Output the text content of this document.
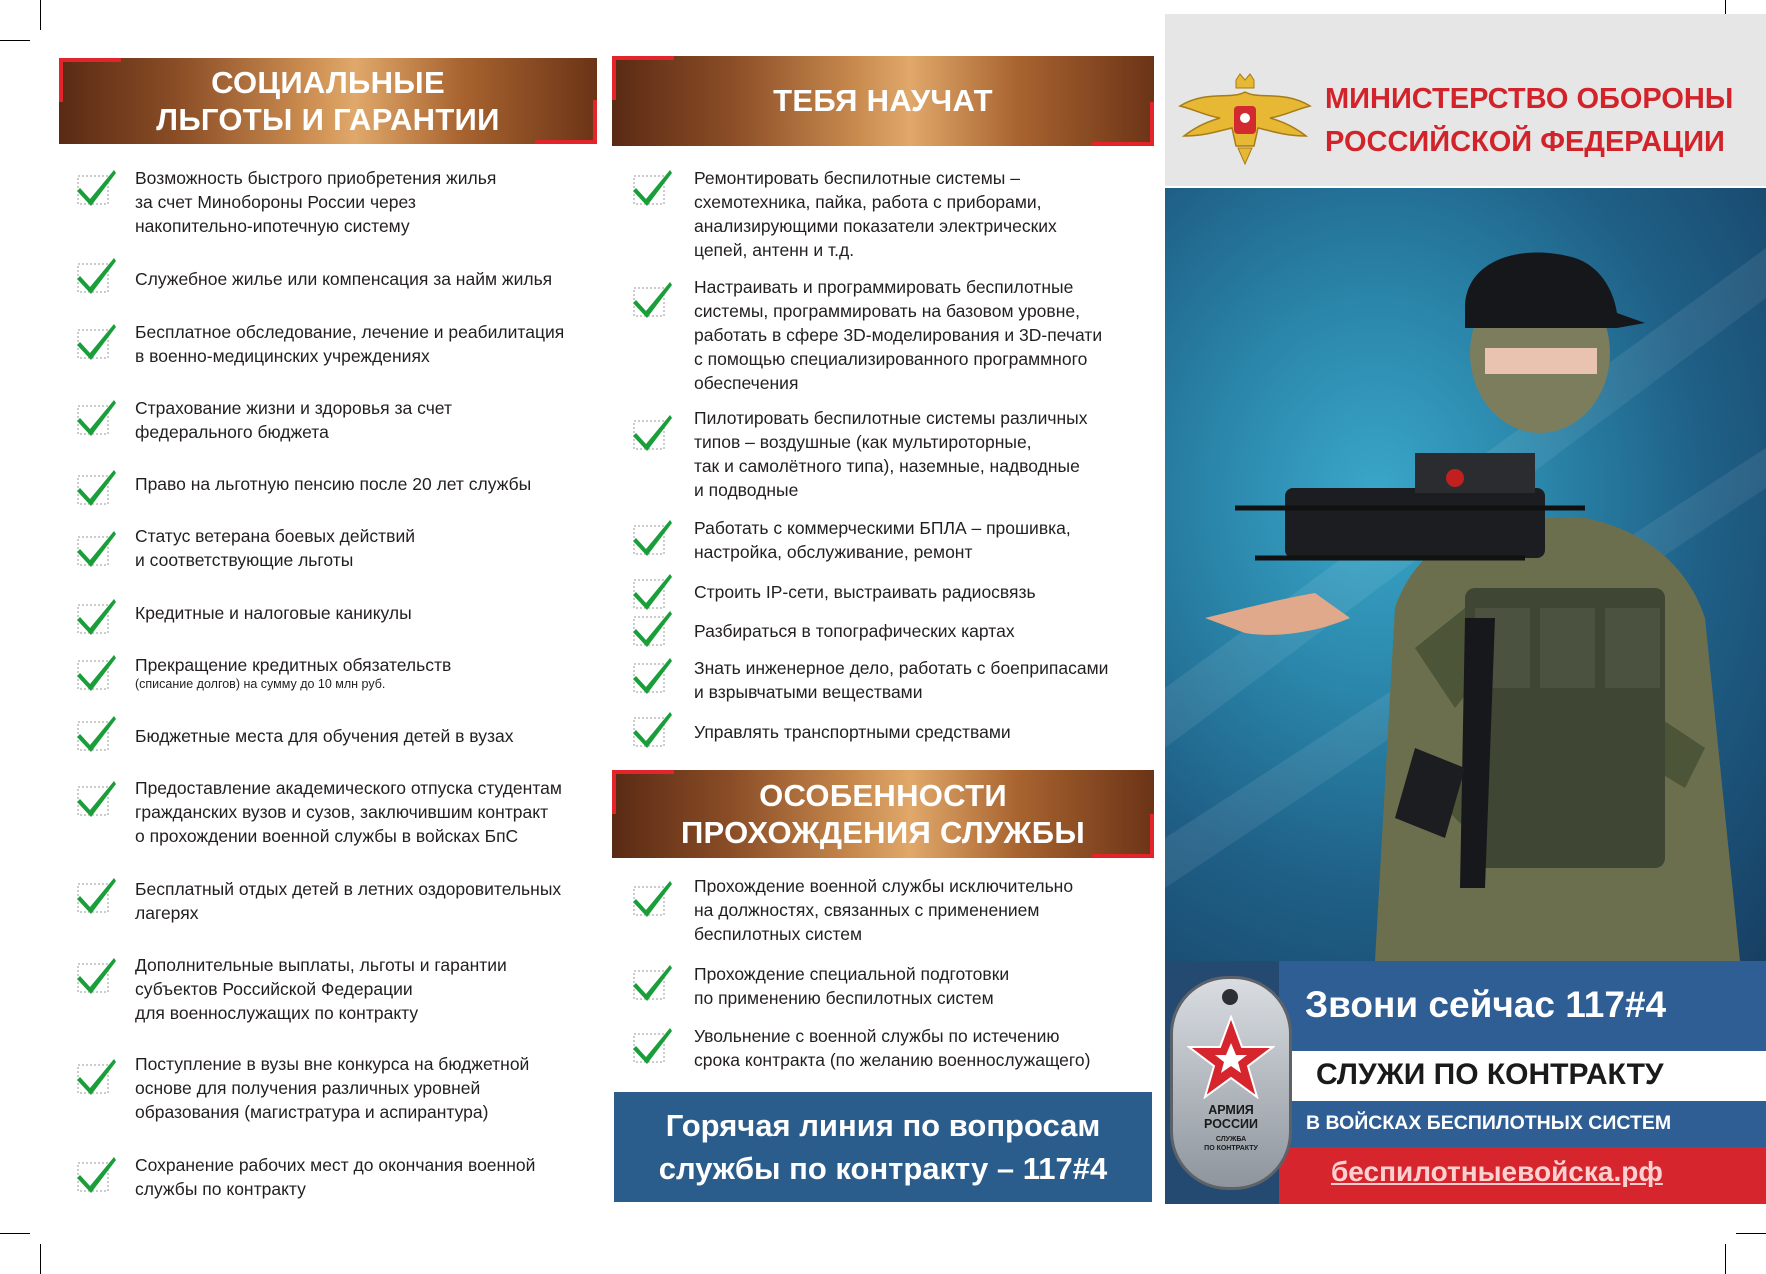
СОЦИАЛЬНЫЕ
ЛЬГОТЫ И ГАРАНТИИ
Возможность быстрого приобретения жилья
за счет Минобороны России через
накопительно-ипотечную систему
Служебное жилье или компенсация за найм жилья
Бесплатное обследование, лечение и реабилитация
в военно-медицинских учреждениях
Страхование жизни и здоровья за счет
федерального бюджета
Право на льготную пенсию после 20 лет службы
Статус ветерана боевых действий
и соответствующие льготы
Кредитные и налоговые каникулы
Прекращение кредитных обязательств
(списание долгов) на сумму до 10 млн руб.
Бюджетные места для обучения детей в вузах
Предоставление академического отпуска студентам
гражданских вузов и сузов, заключившим контракт
о прохождении военной службы в войсках БпС
Бесплатный отдых детей в летних оздоровительных
лагерях
Дополнительные выплаты, льготы и гарантии
субъектов Российской Федерации
для военнослужащих по контракту
Поступление в вузы вне конкурса на бюджетной
основе для получения различных уровней
образования (магистратура и аспирантура)
Сохранение рабочих мест до окончания военной
службы по контракту
ТЕБЯ НАУЧАТ
Ремонтировать беспилотные системы –
схемотехника, пайка, работа с приборами,
анализирующими показатели электрических
цепей, антенн и т.д.
Настраивать и программировать беспилотные
системы, программировать на базовом уровне,
работать в сфере 3D-моделирования и 3D-печати
с помощью специализированного программного
обеспечения
Пилотировать беспилотные системы различных
типов – воздушные (как мультироторные,
так и самолётного типа), наземные, надводные
и подводные
Работать с коммерческими БПЛА – прошивка,
настройка, обслуживание, ремонт
Строить IP-сети, выстраивать радиосвязь
Разбираться в топографических картах
Знать инженерное дело, работать с боеприпасами
и взрывчатыми веществами
Управлять транспортными средствами
ОСОБЕННОСТИ
ПРОХОЖДЕНИЯ СЛУЖБЫ
Прохождение военной службы исключительно
на должностях, связанных с применением
беспилотных систем
Прохождение специальной подготовки
по применению беспилотных систем
Увольнение с военной службы по истечению
срока контракта (по желанию военнослужащего)
Горячая линия по вопросам
службы по контракту – 117#4
МИНИСТЕРСТВО ОБОРОНЫ
РОССИЙСКОЙ ФЕДЕРАЦИИ
АРМИЯ
РОССИИ
СЛУЖБА
ПО КОНТРАКТУ
Звони сейчас 117#4
СЛУЖИ ПО КОНТРАКТУ
В ВОЙСКАХ БЕСПИЛОТНЫХ СИСТЕМ
беспилотныевойска.рф
